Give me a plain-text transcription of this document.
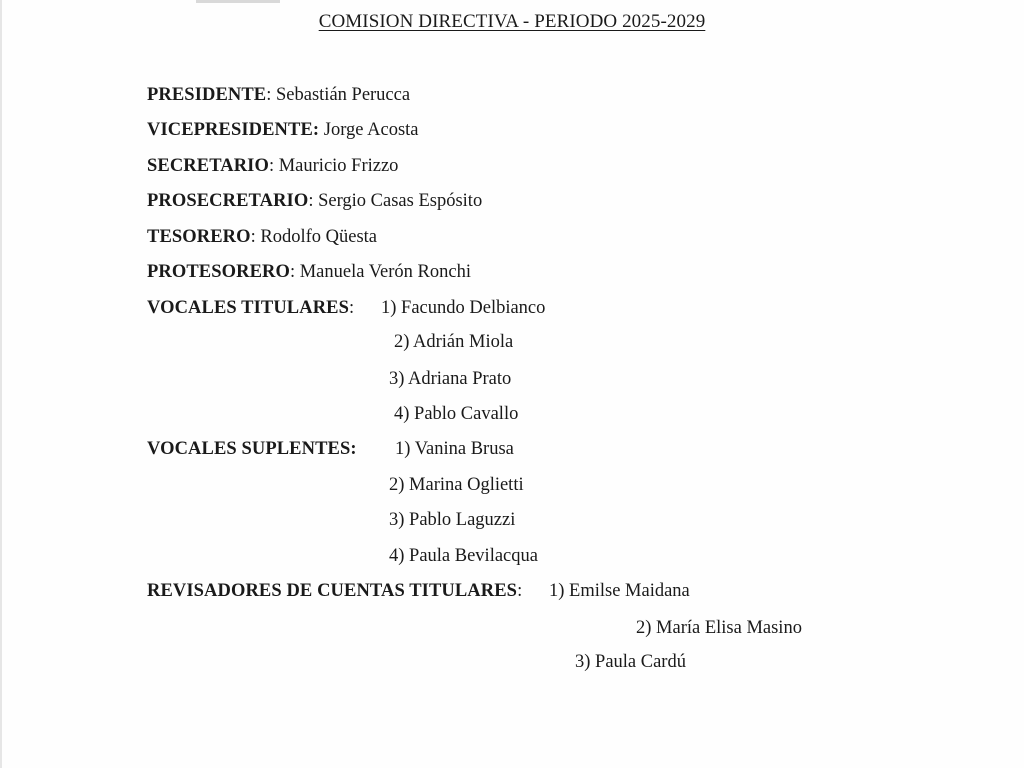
COMISION DIRECTIVA - PERIODO 2025-2029
PRESIDENTE: Sebastián Perucca
VICEPRESIDENTE: Jorge Acosta
SECRETARIO: Mauricio Frizzo
PROSECRETARIO: Sergio Casas Espósito
TESORERO: Rodolfo Qüesta
PROTESORERO: Manuela Verón Ronchi
VOCALES TITULARES: 1) Facundo Delbianco
2) Adrián Miola
3) Adriana Prato
4) Pablo Cavallo
VOCALES SUPLENTES: 1) Vanina Brusa
2) Marina Oglietti
3) Pablo Laguzzi
4) Paula Bevilacqua
REVISADORES DE CUENTAS TITULARES: 1) Emilse Maidana
2) María Elisa Masino
3) Paula Cardú
